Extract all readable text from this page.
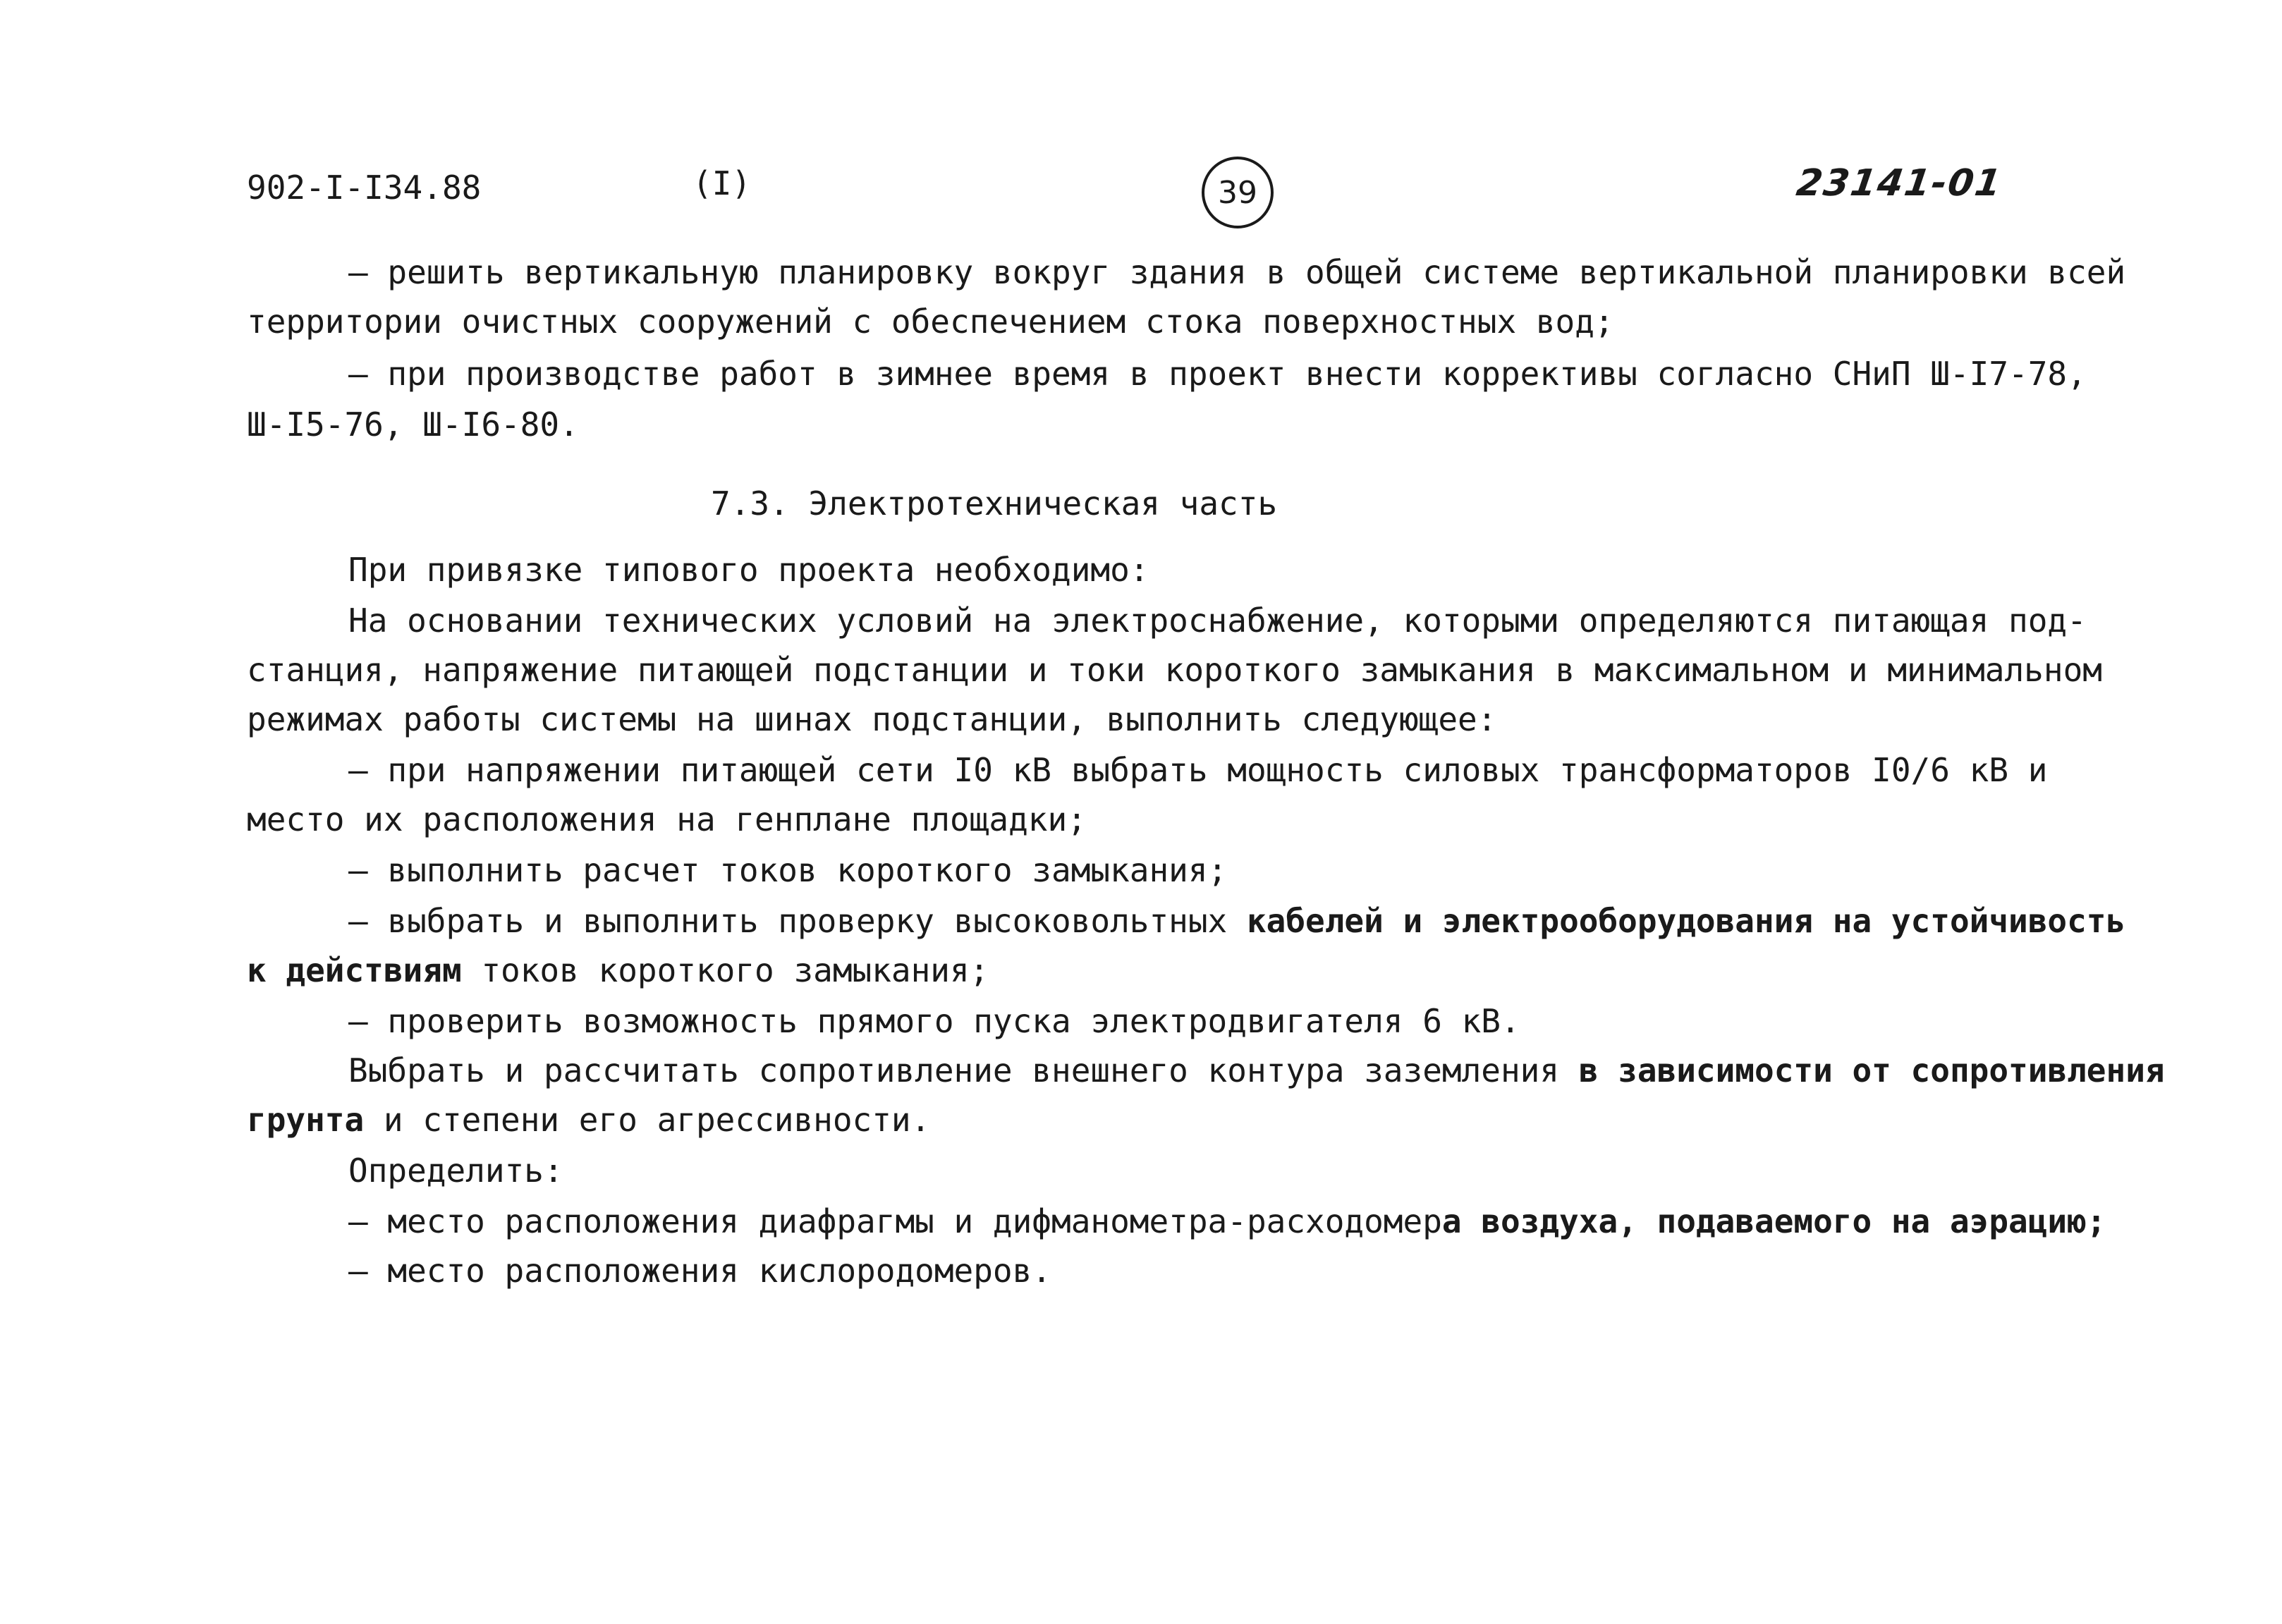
902-I-I34.88	(I)	39	23141-01
– решить вертикальную планировку вокруг здания в общей системе вертикальной планировки всей
территории очистных сооружений с обеспечением стока поверхностных вод;
– при производстве работ в зимнее время в проект внести коррективы согласно СНиП Ш-I7-78,
Ш-I5-76, Ш-I6-80.
7.3. Электротехническая часть
При привязке типового проекта необходимо:
На основании технических условий на электроснабжение, которыми определяются питающая под-
станция, напряжение питающей подстанции и токи короткого замыкания в максимальном и минимальном
режимах работы системы на шинах подстанции, выполнить следующее:
– при напряжении питающей сети I0 кВ выбрать мощность силовых трансформаторов I0/6 кВ и
место их расположения на генплане площадки;
– выполнить расчет токов короткого замыкания;
– выбрать и выполнить проверку высоковольтных кабелей и электрооборудования на устойчивость
к действиям токов короткого замыкания;
– проверить возможность прямого пуска электродвигателя 6 кВ.
Выбрать и рассчитать сопротивление внешнего контура заземления в зависимости от сопротивления
грунта и степени его агрессивности.
Определить:
– место расположения диафрагмы и дифманометра-расходомера воздуха, подаваемого на аэрацию;
– место расположения кислородомеров.
